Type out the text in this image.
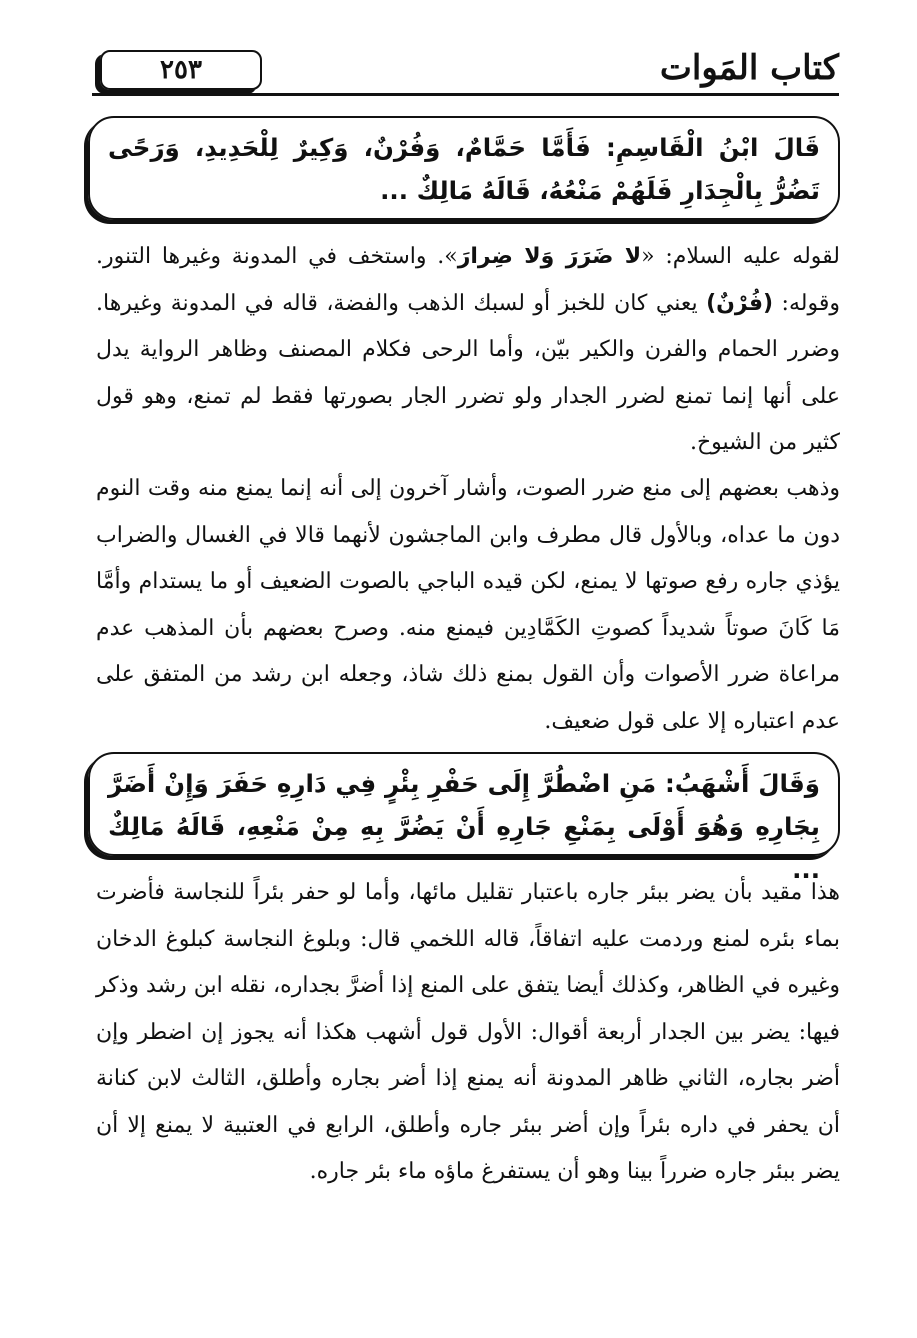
٢٥٣	كتاب المَوات
قَالَ ابْنُ الْقَاسِمِ: فَأَمَّا حَمَّامٌ، وَفُرْنٌ، وَكِيرٌ لِلْحَدِيدِ، وَرَحًى تَضُرُّ بِالْجِدَارِ فَلَهُمْ مَنْعُهُ، قَالَهُ مَالِكٌ ...
لقوله عليه السلام: «لا ضَرَرَ وَلا ضِرارَ». واستخف في المدونة وغيرها التنور. وقوله: (فُرْنٌ) يعني كان للخبز أو لسبك الذهب والفضة، قاله في المدونة وغيرها. وضرر الحمام والفرن والكير بيّن، وأما الرحى فكلام المصنف وظاهر الرواية يدل على أنها إنما تمنع لضرر الجدار ولو تضرر الجار بصورتها فقط لم تمنع، وهو قول كثير من الشيوخ.
وذهب بعضهم إلى منع ضرر الصوت، وأشار آخرون إلى أنه إنما يمنع منه وقت النوم دون ما عداه، وبالأول قال مطرف وابن الماجشون لأنهما قالا في الغسال والضراب يؤذي جاره رفع صوتها لا يمنع، لكن قيده الباجي بالصوت الضعيف أو ما يستدام وأمَّا مَا كَانَ صوتاً شديداً كصوتِ الكَمَّادِين فيمنع منه. وصرح بعضهم بأن المذهب عدم مراعاة ضرر الأصوات وأن القول بمنع ذلك شاذ، وجعله ابن رشد من المتفق على عدم اعتباره إلا على قول ضعيف.
وَقَالَ أَشْهَبُ: مَنِ اضْطُرَّ إِلَى حَفْرِ بِئْرٍ فِي دَارِهِ حَفَرَ وَإِنْ أَضَرَّ بِجَارِهِ وَهُوَ أَوْلَى بِمَنْعِ جَارِهِ أَنْ يَضُرَّ بِهِ مِنْ مَنْعِهِ، قَالَهُ مَالِكٌ ...
هذا مقيد بأن يضر ببئر جاره باعتبار تقليل مائها، وأما لو حفر بئراً للنجاسة فأضرت بماء بئره لمنع وردمت عليه اتفاقاً، قاله اللخمي قال: وبلوغ النجاسة كبلوغ الدخان وغيره في الظاهر، وكذلك أيضا يتفق على المنع إذا أضرَّ بجداره، نقله ابن رشد وذكر فيها: يضر بين الجدار أربعة أقوال: الأول قول أشهب هكذا أنه يجوز إن اضطر وإن أضر بجاره، الثاني ظاهر المدونة أنه يمنع إذا أضر بجاره وأطلق، الثالث لابن كنانة أن يحفر في داره بئراً وإن أضر ببئر جاره وأطلق، الرابع في العتبية لا يمنع إلا أن يضر ببئر جاره ضرراً بينا وهو أن يستفرغ ماؤه ماء بئر جاره.
